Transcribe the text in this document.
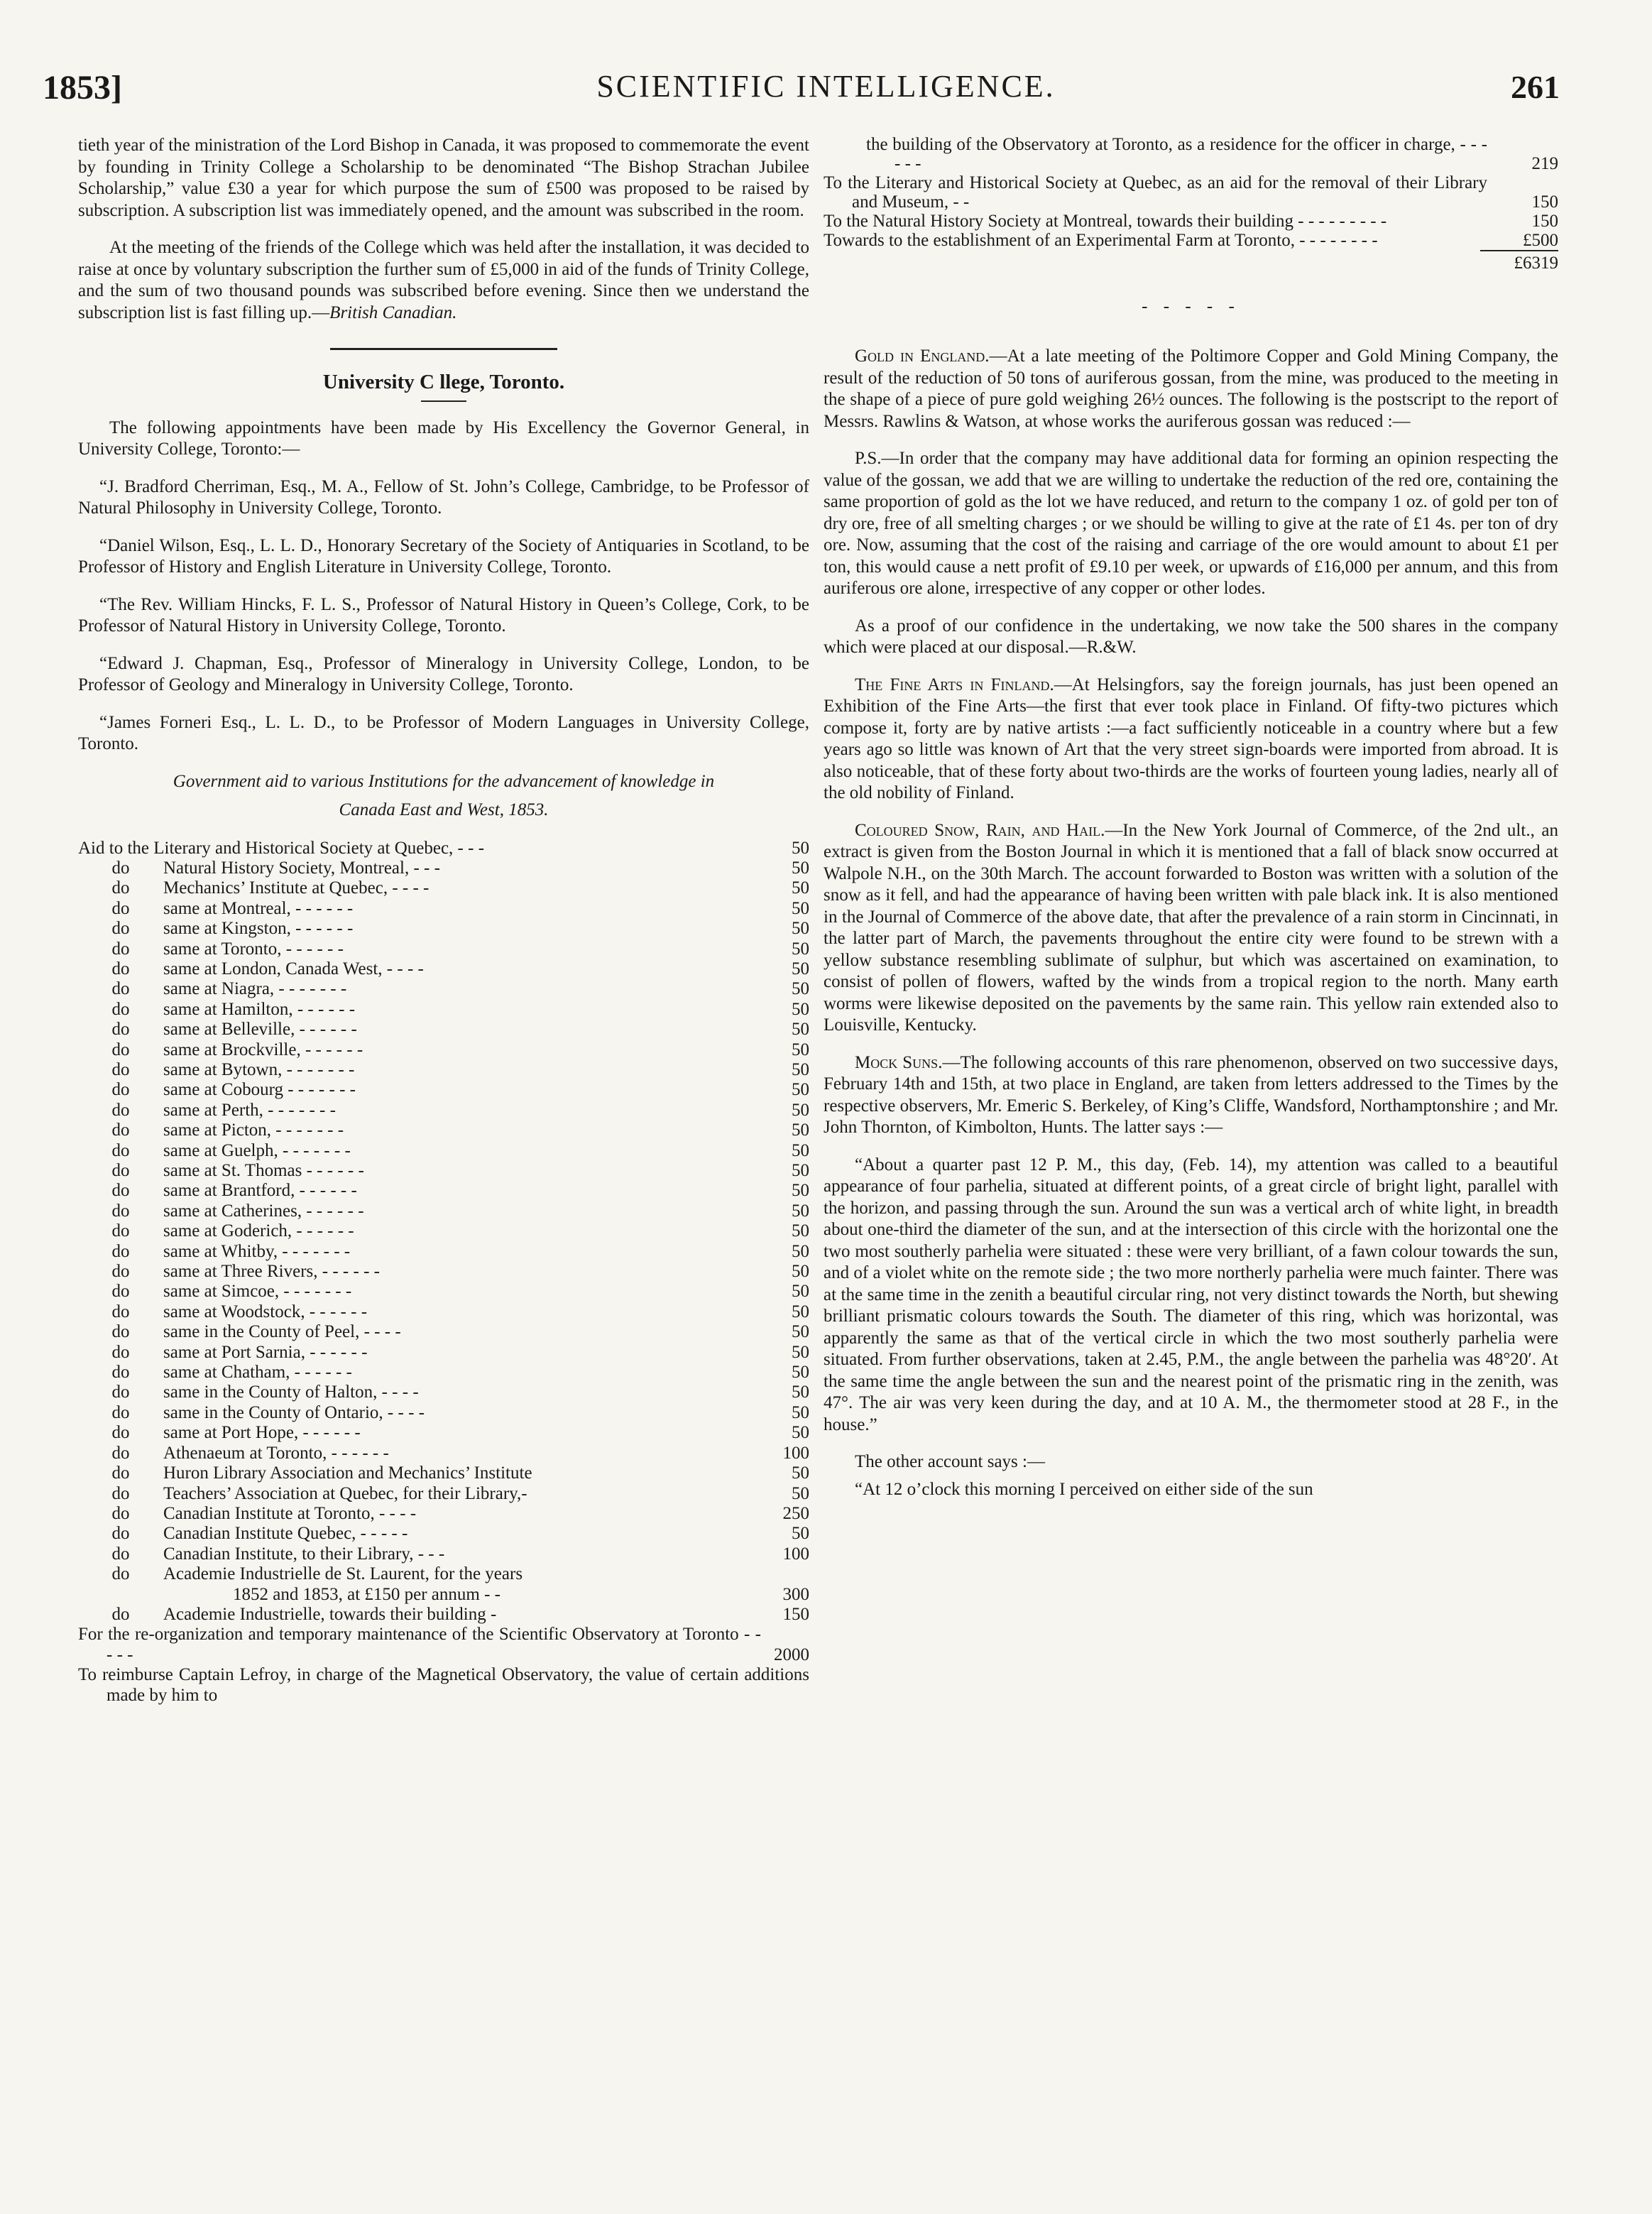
1853]	SCIENTIFIC INTELLIGENCE.	261

tieth year of the ministration of the Lord Bishop in Canada, it was proposed to commemorate the event by founding in Trinity College a Scholarship to be denominated “The Bishop Strachan Jubilee Scholarship,” value £30 a year for which purpose the sum of £500 was proposed to be raised by subscription. A subscription list was immediately opened, and the amount was subscribed in the room.

At the meeting of the friends of the College which was held after the installation, it was decided to raise at once by voluntary subscription the further sum of £5,000 in aid of the funds of Trinity College, and the sum of two thousand pounds was subscribed before evening. Since then we understand the subscription list is fast filling up.—British Canadian.

University C llege, Toronto.

The following appointments have been made by His Excellency the Governor General, in University College, Toronto:—

“J. Bradford Cherriman, Esq., M. A., Fellow of St. John’s College, Cambridge, to be Professor of Natural Philosophy in University College, Toronto.

“Daniel Wilson, Esq., L. L. D., Honorary Secretary of the Society of Antiquaries in Scotland, to be Professor of History and English Literature in University College, Toronto.

“The Rev. William Hincks, F. L. S., Professor of Natural History in Queen’s College, Cork, to be Professor of Natural History in University College, Toronto.

“Edward J. Chapman, Esq., Professor of Mineralogy in University College, London, to be Professor of Geology and Mineralogy in University College, Toronto.

“James Forneri Esq., L. L. D., to be Professor of Modern Languages in University College, Toronto.

Government aid to various Institutions for the advancement of knowledge in
Canada East and West, 1853.
Aid to the Literary and Historical Society at Quebec, - - -	50
do	Natural History Society, Montreal, - - -	50
do	Mechanics’ Institute at Quebec, - - - -	50
do	same at Montreal, - - - - - -	50
do	same at Kingston, - - - - - -	50
do	same at Toronto, - - - - - -	50
do	same at London, Canada West, - - - -	50
do	same at Niagra, - - - - - - -	50
do	same at Hamilton, - - - - - -	50
do	same at Belleville, - - - - - -	50
do	same at Brockville, - - - - - -	50
do	same at Bytown, - - - - - - -	50
do	same at Cobourg - - - - - - -	50
do	same at Perth, - - - - - - -	50
do	same at Picton, - - - - - - -	50
do	same at Guelph, - - - - - - -	50
do	same at St. Thomas - - - - - -	50
do	same at Brantford, - - - - - -	50
do	same at Catherines, - - - - - -	50
do	same at Goderich, - - - - - -	50
do	same at Whitby, - - - - - - -	50
do	same at Three Rivers, - - - - - -	50
do	same at Simcoe, - - - - - - -	50
do	same at Woodstock, - - - - - -	50
do	same in the County of Peel, - - - -	50
do	same at Port Sarnia, - - - - - -	50
do	same at Chatham, - - - - - -	50
do	same in the County of Halton, - - - -	50
do	same in the County of Ontario, - - - -	50
do	same at Port Hope, - - - - - -	50
do	Athenaeum at Toronto, - - - - - -	100
do	Huron Library Association and Mechanics’ Institute	50
do	Teachers’ Association at Quebec, for their Library,-	50
do	Canadian Institute at Toronto, - - - -	250
do	Canadian Institute Quebec, - - - - -	50
do	Canadian Institute, to their Library, - - -	100
do	Academie Industrielle de St. Laurent, for the years
1852 and 1853, at £150 per annum - -	300
do	Academie Industrielle, towards their building -	150
For the re-organization and temporary maintenance of the Scientific Observatory at Toronto - - - - -	2000
To reimburse Captain Lefroy, in charge of the Magnetical Observatory, the value of certain additions made by him to
the building of the Observatory at Toronto, as a residence for the officer in charge, - - - - - -	219
To the Literary and Historical Society at Quebec, as an aid for the removal of their Library and Museum, - -	150
To the Natural History Society at Montreal, towards their building - - - - - - - - -	150
Towards to the establishment of an Experimental Farm at Toronto, - - - - - - - -	£500
£6319
- - - - -

Gold in England.—At a late meeting of the Poltimore Copper and Gold Mining Company, the result of the reduction of 50 tons of auriferous gossan, from the mine, was produced to the meeting in the shape of a piece of pure gold weighing 26½ ounces. The following is the postscript to the report of Messrs. Rawlins & Watson, at whose works the auriferous gossan was reduced :—

P.S.—In order that the company may have additional data for forming an opinion respecting the value of the gossan, we add that we are willing to undertake the reduction of the red ore, containing the same proportion of gold as the lot we have reduced, and return to the company 1 oz. of gold per ton of dry ore, free of all smelting charges ; or we should be willing to give at the rate of £1 4s. per ton of dry ore. Now, assuming that the cost of the raising and carriage of the ore would amount to about £1 per ton, this would cause a nett profit of £9.10 per week, or upwards of £16,000 per annum, and this from auriferous ore alone, irrespective of any copper or other lodes.

As a proof of our confidence in the undertaking, we now take the 500 shares in the company which were placed at our disposal.—R.&W.

The Fine Arts in Finland.—At Helsingfors, say the foreign journals, has just been opened an Exhibition of the Fine Arts—the first that ever took place in Finland. Of fifty-two pictures which compose it, forty are by native artists :—a fact sufficiently noticeable in a country where but a few years ago so little was known of Art that the very street sign-boards were imported from abroad. It is also noticeable, that of these forty about two-thirds are the works of fourteen young ladies, nearly all of the old nobility of Finland.

Coloured Snow, Rain, and Hail.—In the New York Journal of Commerce, of the 2nd ult., an extract is given from the Boston Journal in which it is mentioned that a fall of black snow occurred at Walpole N.H., on the 30th March. The account forwarded to Boston was written with a solution of the snow as it fell, and had the appearance of having been written with pale black ink. It is also mentioned in the Journal of Commerce of the above date, that after the prevalence of a rain storm in Cincinnati, in the latter part of March, the pavements throughout the entire city were found to be strewn with a yellow substance resembling sublimate of sulphur, but which was ascertained on examination, to consist of pollen of flowers, wafted by the winds from a tropical region to the north. Many earth worms were likewise deposited on the pavements by the same rain. This yellow rain extended also to Louisville, Kentucky.

Mock Suns.—The following accounts of this rare phenomenon, observed on two successive days, February 14th and 15th, at two place in England, are taken from letters addressed to the Times by the respective observers, Mr. Emeric S. Berkeley, of King’s Cliffe, Wandsford, Northamptonshire ; and Mr. John Thornton, of Kimbolton, Hunts. The latter says :—

“About a quarter past 12 P. M., this day, (Feb. 14), my attention was called to a beautiful appearance of four parhelia, situated at different points, of a great circle of bright light, parallel with the horizon, and passing through the sun. Around the sun was a vertical arch of white light, in breadth about one-third the diameter of the sun, and at the intersection of this circle with the horizontal one the two most southerly parhelia were situated : these were very brilliant, of a fawn colour towards the sun, and of a violet white on the remote side ; the two more northerly parhelia were much fainter. There was at the same time in the zenith a beautiful circular ring, not very distinct towards the North, but shewing brilliant prismatic colours towards the South. The diameter of this ring, which was horizontal, was apparently the same as that of the vertical circle in which the two most southerly parhelia were situated. From further observations, taken at 2.45, P.M., the angle between the parhelia was 48°20′. At the same time the angle between the sun and the nearest point of the prismatic ring in the zenith, was 47°. The air was very keen during the day, and at 10 A. M., the thermometer stood at 28 F., in the house.”

The other account says :—

“At 12 o’clock this morning I perceived on either side of the sun
